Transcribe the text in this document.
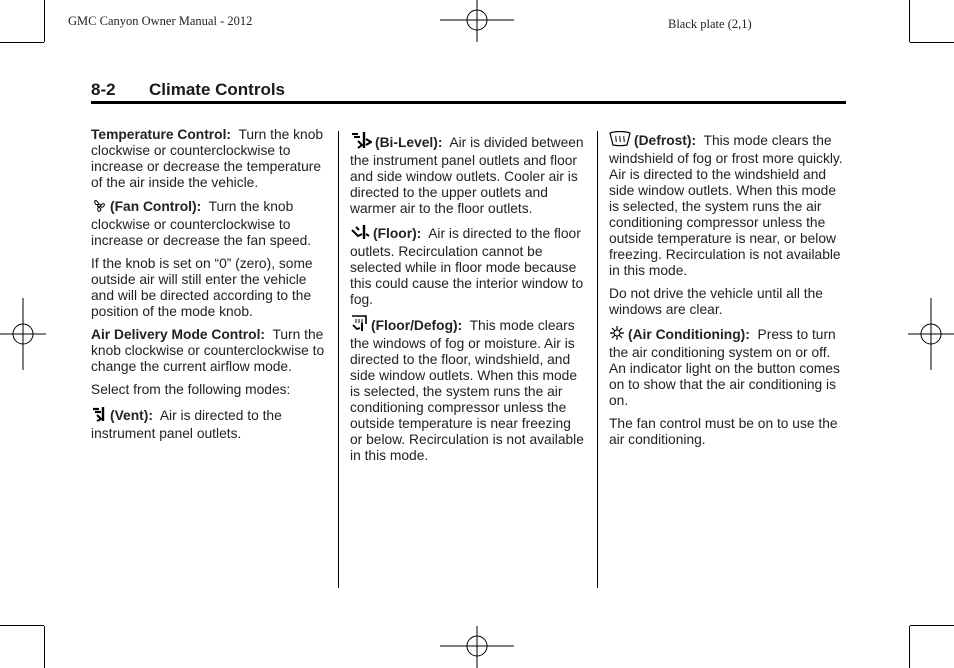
GMC Canyon Owner Manual - 2012	Black plate (2,1)
8-2 Climate Controls

Temperature Control: Turn the knob clockwise or counterclockwise to increase or decrease the temperature of the air inside the vehicle.

(Fan Control): Turn the knob clockwise or counterclockwise to increase or decrease the fan speed.

If the knob is set on “0” (zero), some outside air will still enter the vehicle and will be directed according to the position of the mode knob.

Air Delivery Mode Control: Turn the knob clockwise or counterclockwise to change the current airflow mode.

Select from the following modes:

(Vent): Air is directed to the instrument panel outlets.

(Bi-Level): Air is divided between the instrument panel outlets and floor and side window outlets. Cooler air is directed to the upper outlets and warmer air to the floor outlets.

(Floor): Air is directed to the floor outlets. Recirculation cannot be selected while in floor mode because this could cause the interior window to fog.

(Floor/Defog): This mode clears the windows of fog or moisture. Air is directed to the floor, windshield, and side window outlets. When this mode is selected, the system runs the air conditioning compressor unless the outside temperature is near freezing or below. Recirculation is not available in this mode.

(Defrost): This mode clears the windshield of fog or frost more quickly. Air is directed to the windshield and side window outlets. When this mode is selected, the system runs the air conditioning compressor unless the outside temperature is near, or below freezing. Recirculation is not available in this mode.

Do not drive the vehicle until all the windows are clear.

(Air Conditioning): Press to turn the air conditioning system on or off. An indicator light on the button comes on to show that the air conditioning is on.

The fan control must be on to use the air conditioning.
